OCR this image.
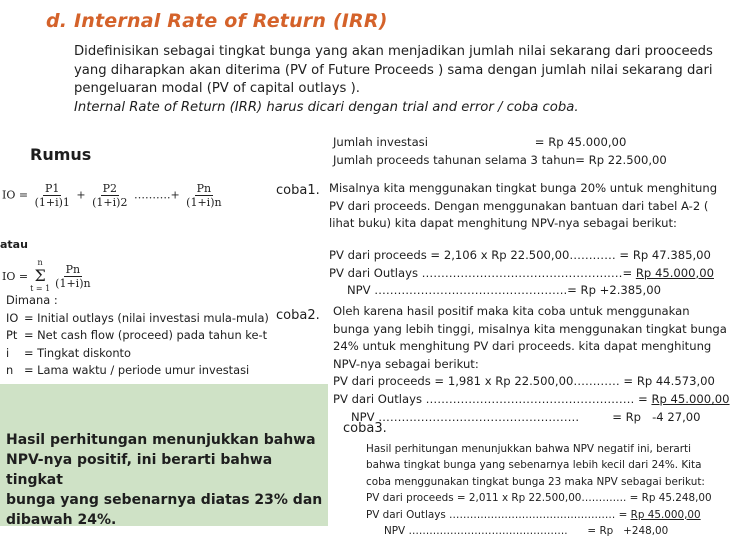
d. Internal Rate of Return (IRR)

Didefinisikan sebagai tingkat bunga yang akan menjadikan jumlah nilai sekarang dari prooceeds

yang diharapkan akan diterima (PV of Future Proceeds ) sama dengan jumlah nilai sekarang dari

pengeluaran modal (PV of capital outlays ).

Internal Rate of Return (IRR) harus dicari dengan trial and error / coba coba.

Rumus
IO = $\frac{P1}{(1+i)1} + \frac{P2}{(1+i)2}$ ……….+ $\frac{Pn}{(1+i)n}$
atau
IO =
n
Σ
$t = 1 \frac{Pn}{(1+i)n}$
Dimana :
IO = Initial outlays (nilai investasi mula-mula)
Pt = Net cash flow (proceed) pada tahun ke-t
i = Tingkat diskonto
n = Lama waktu / periode umur investasi
Hasil perhitungan menunjukkan bahwa
NPV-nya positif, ini berarti bahwa tingkat
bunga yang sebenarnya diatas 23% dan
dibawah 24%.
Jumlah investasi                             = Rp 45.000,00
Jumlah proceeds tahunan selama 3 tahun= Rp 22.500,00
coba1. Misalnya kita menggunakan tingkat bunga 20% untuk menghitung
PV dari proceeds. Dengan menggunakan bantuan dari tabel A-2 (
lihat buku) kita dapat menghitung NPV-nya sebagai berikut:
PV dari proceeds = 2,106 x Rp 22.500,00………… = Rp 47.385,00
PV dari Outlays ………………………………………….…= Rp 45.000,00
NPV …………………………………………..= Rp +2.385,00
coba2. Oleh karena hasil positif maka kita coba untuk menggunakan
bunga yang lebih tinggi, misalnya kita menggunakan tingkat bunga
24% untuk menghitung PV dari proceeds. kita dapat menghitung
NPV-nya sebagai berikut:
PV dari proceeds = 1,981 x Rp 22.500,00………… = Rp 44.573,00
PV dari Outlays ……………………………………………… = Rp 45.000,00
NPV …………………………………………….         = Rp   -4 27,00
coba3.
Hasil perhitungan menunjukkan bahwa NPV negatif ini, berarti
bahwa tingkat bunga yang sebenarnya lebih kecil dari 24%. Kita
coba menggunakan tingkat bunga 23 maka NPV sebagai berikut:
PV dari proceeds = 2,011 x Rp 22.500,00…………. = Rp 45.248,00
PV dari Outlays ………………………………………… = Rp 45.000,00
NPV ……………………………………….      = Rp   +248,00
